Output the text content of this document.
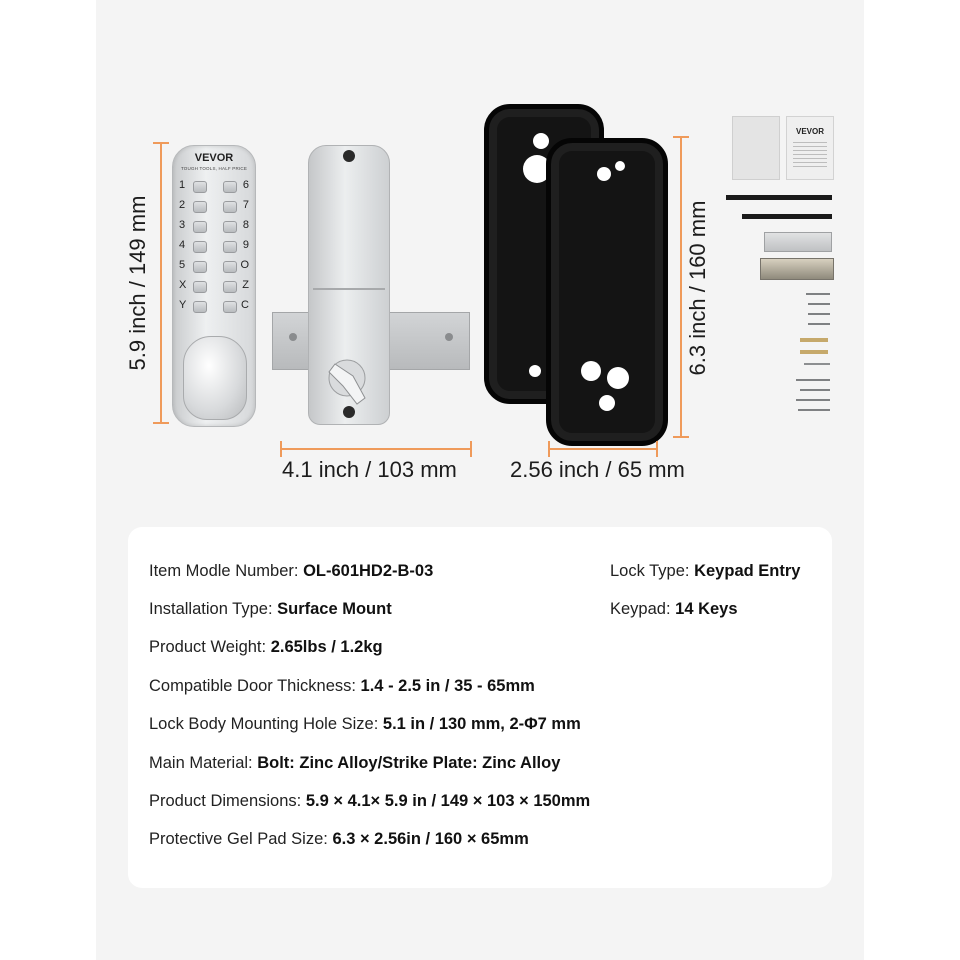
5.9 inch / 149 mm
VEVOR
TOUGH TOOLS, HALF PRICE
1	6
2	7
3	8
4	9
5	O
X	Z
Y	C
4.1 inch / 103 mm 2.56 inch / 65 mm
6.3 inch / 160 mm
VEVOR
Item Modle Number: OL-601HD2-B-03	Lock Type: Keypad Entry
Installation Type: Surface Mount	Keypad: 14 Keys
Product Weight: 2.65lbs / 1.2kg
Compatible Door Thickness: 1.4 - 2.5 in / 35 - 65mm
Lock Body Mounting Hole Size: 5.1 in / 130 mm, 2-Φ7 mm
Main Material: Bolt: Zinc Alloy/Strike Plate: Zinc Alloy
Product Dimensions: 5.9 × 4.1× 5.9 in / 149 × 103 × 150mm
Protective Gel Pad Size: 6.3 × 2.56in / 160 × 65mm
